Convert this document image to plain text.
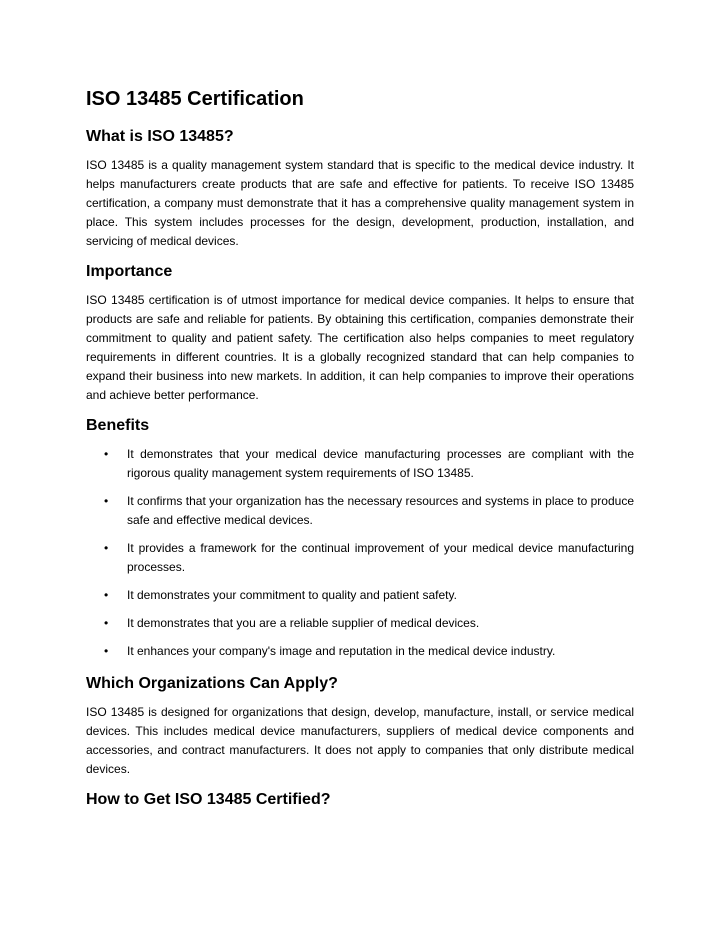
ISO 13485 Certification
What is ISO 13485?

ISO 13485 is a quality management system standard that is specific to the medical device industry. It helps manufacturers create products that are safe and effective for patients. To receive ISO 13485 certification, a company must demonstrate that it has a comprehensive quality management system in place. This system includes processes for the design, development, production, installation, and servicing of medical devices.

Importance

ISO 13485 certification is of utmost importance for medical device companies. It helps to ensure that products are safe and reliable for patients. By obtaining this certification, companies demonstrate their commitment to quality and patient safety. The certification also helps companies to meet regulatory requirements in different countries. It is a globally recognized standard that can help companies to expand their business into new markets. In addition, it can help companies to improve their operations and achieve better performance.

Benefits
• It demonstrates that your medical device manufacturing processes are compliant with the rigorous quality management system requirements of ISO 13485.
• It confirms that your organization has the necessary resources and systems in place to produce safe and effective medical devices.
• It provides a framework for the continual improvement of your medical device manufacturing processes.
• It demonstrates your commitment to quality and patient safety.
• It demonstrates that you are a reliable supplier of medical devices.
• It enhances your company's image and reputation in the medical device industry.
Which Organizations Can Apply?

ISO 13485 is designed for organizations that design, develop, manufacture, install, or service medical devices. This includes medical device manufacturers, suppliers of medical device components and accessories, and contract manufacturers. It does not apply to companies that only distribute medical devices.

How to Get ISO 13485 Certified?
